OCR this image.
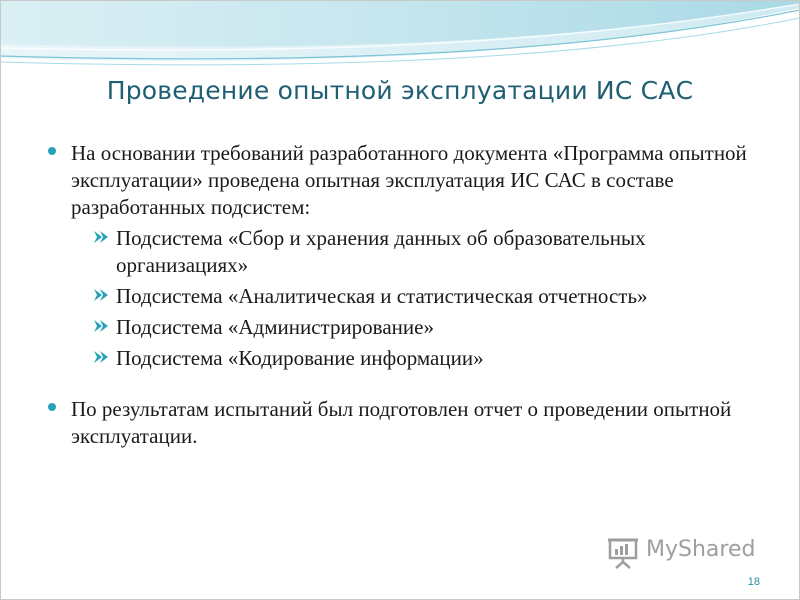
Проведение опытной эксплуатации ИС САС
На основании требований разработанного документа «Программа опытной эксплуатации» проведена опытная эксплуатация ИС САС в составе разработанных подсистем:
Подсистема «Сбор и хранения данных об образовательных организациях»
Подсистема «Аналитическая и статистическая отчетность»
Подсистема «Администрирование»
Подсистема «Кодирование информации»
По результатам испытаний был подготовлен отчет о проведении опытной эксплуатации.
MyShared
18
